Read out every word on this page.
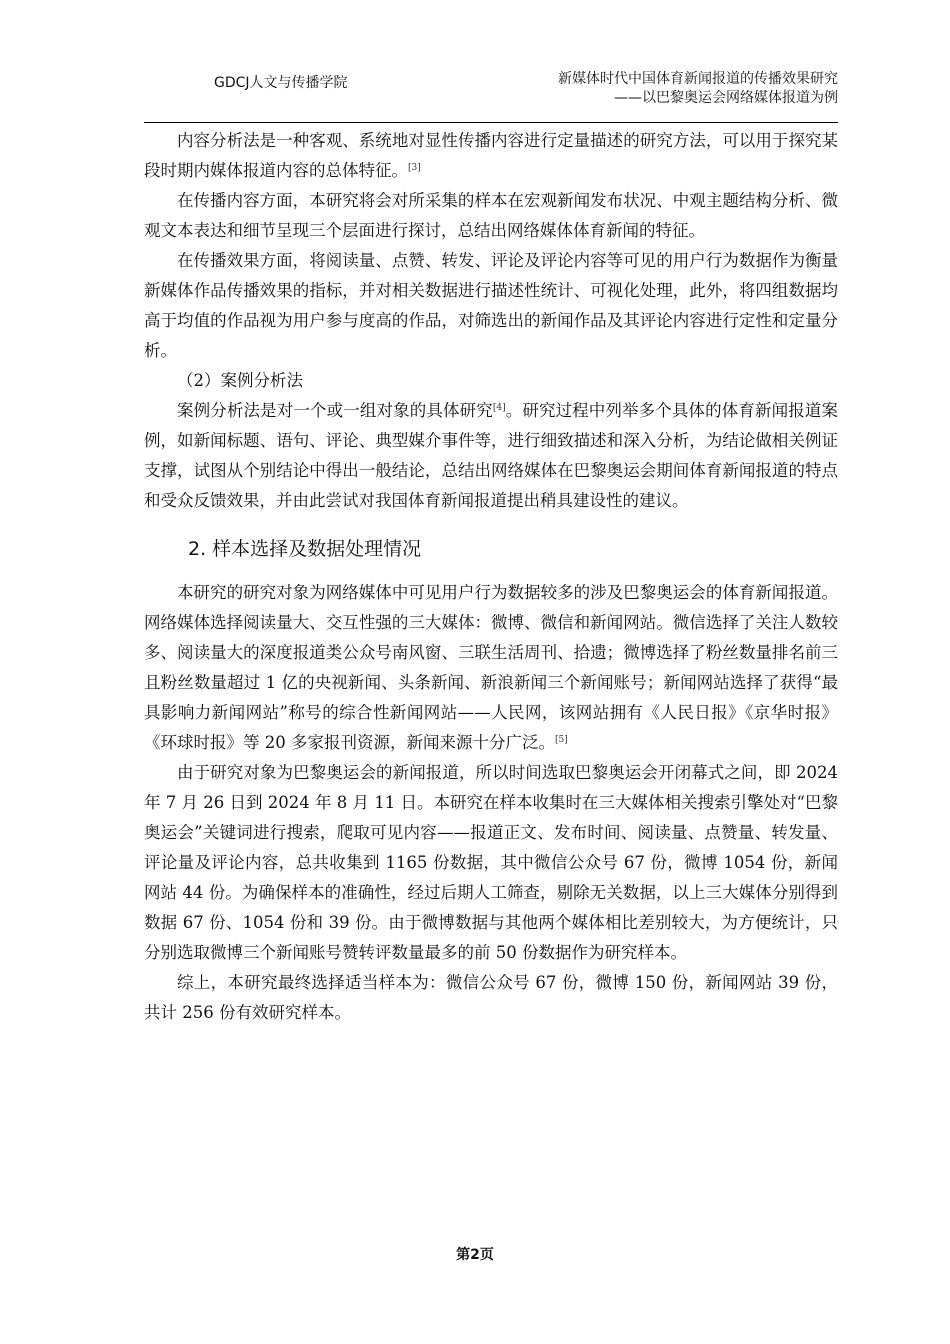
GDCJ人文与传播学院	新媒体时代中国体育新闻报道的传播效果研究
——以巴黎奥运会网络媒体报道为例

内容分析法是一种客观、系统地对显性传播内容进行定量描述的研究方法，可以用于探究某段时期内媒体报道内容的总体特征。[3]

在传播内容方面，本研究将会对所采集的样本在宏观新闻发布状况、中观主题结构分析、微观文本表达和细节呈现三个层面进行探讨，总结出网络媒体体育新闻的特征。

在传播效果方面，将阅读量、点赞、转发、评论及评论内容等可见的用户行为数据作为衡量新媒体作品传播效果的指标，并对相关数据进行描述性统计、可视化处理，此外，将四组数据均高于均值的作品视为用户参与度高的作品，对筛选出的新闻作品及其评论内容进行定性和定量分析。

（2）案例分析法

案例分析法是对一个或一组对象的具体研究[4]。研究过程中列举多个具体的体育新闻报道案例，如新闻标题、语句、评论、典型媒介事件等，进行细致描述和深入分析，为结论做相关例证支撑，试图从个别结论中得出一般结论，总结出网络媒体在巴黎奥运会期间体育新闻报道的特点和受众反馈效果，并由此尝试对我国体育新闻报道提出稍具建设性的建议。

2. 样本选择及数据处理情况

本研究的研究对象为网络媒体中可见用户行为数据较多的涉及巴黎奥运会的体育新闻报道。网络媒体选择阅读量大、交互性强的三大媒体：微博、微信和新闻网站。微信选择了关注人数较多、阅读量大的深度报道类公众号南风窗、三联生活周刊、拾遗；微博选择了粉丝数量排名前三且粉丝数量超过 1 亿的央视新闻、头条新闻、新浪新闻三个新闻账号；新闻网站选择了获得“最具影响力新闻网站”称号的综合性新闻网站——人民网，该网站拥有《人民日报》《京华时报》《环球时报》等 20 多家报刊资源，新闻来源十分广泛。[5]

由于研究对象为巴黎奥运会的新闻报道，所以时间选取巴黎奥运会开闭幕式之间，即 2024 年 7 月 26 日到 2024 年 8 月 11 日。本研究在样本收集时在三大媒体相关搜索引擎处对“巴黎奥运会”关键词进行搜索，爬取可见内容——报道正文、发布时间、阅读量、点赞量、转发量、评论量及评论内容，总共收集到 1165 份数据，其中微信公众号 67 份，微博 1054 份，新闻网站 44 份。为确保样本的准确性，经过后期人工筛查，剔除无关数据，以上三大媒体分别得到数据 67 份、1054 份和 39 份。由于微博数据与其他两个媒体相比差别较大，为方便统计，只分别选取微博三个新闻账号赞转评数量最多的前 50 份数据作为研究样本。

综上，本研究最终选择适当样本为：微信公众号 67 份，微博 150 份，新闻网站 39 份，共计 256 份有效研究样本。

第2页
